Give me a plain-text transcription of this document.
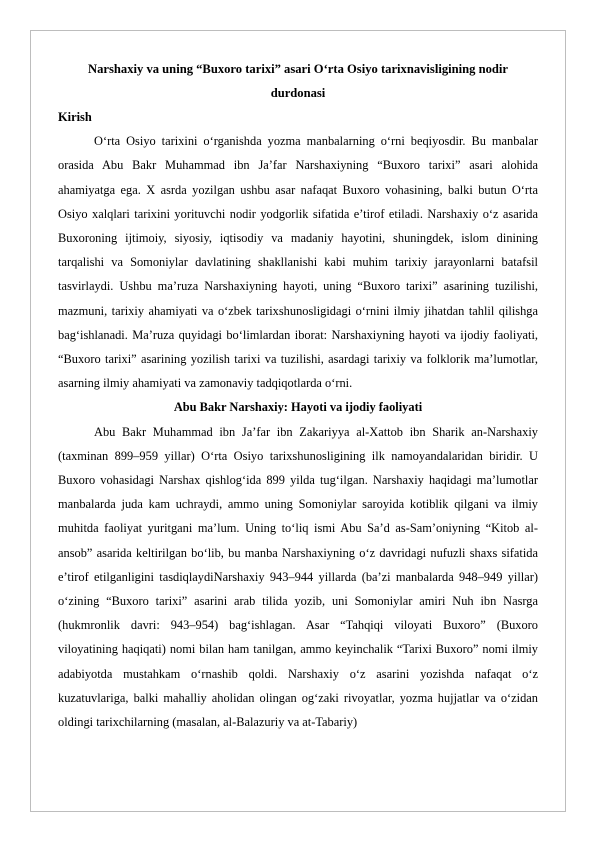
Narshaxiy va uning “Buxoro tarixi” asari O‘rta Osiyo tarixnavisligining nodir durdonasi
Kirish

O‘rta Osiyo tarixini o‘rganishda yozma manbalarning o‘rni beqiyosdir. Bu manbalar orasida Abu Bakr Muhammad ibn Ja’far Narshaxiyning “Buxoro tarixi” asari alohida ahamiyatga ega. X asrda yozilgan ushbu asar nafaqat Buxoro vohasining, balki butun O‘rta Osiyo xalqlari tarixini yorituvchi nodir yodgorlik sifatida e’tirof etiladi. Narshaxiy o‘z asarida Buxoroning ijtimoiy, siyosiy, iqtisodiy va madaniy hayotini, shuningdek, islom dinining tarqalishi va Somoniylar davlatining shakllanishi kabi muhim tarixiy jarayonlarni batafsil tasvirlaydi. Ushbu ma’ruza Narshaxiyning hayoti, uning “Buxoro tarixi” asarining tuzilishi, mazmuni, tarixiy ahamiyati va o‘zbek tarixshunosligidagi o‘rnini ilmiy jihatdan tahlil qilishga bag‘ishlanadi. Ma’ruza quyidagi bo‘limlardan iborat: Narshaxiyning hayoti va ijodiy faoliyati, “Buxoro tarixi” asarining yozilish tarixi va tuzilishi, asardagi tarixiy va folklorik ma’lumotlar, asarning ilmiy ahamiyati va zamonaviy tadqiqotlarda o‘rni.

Abu Bakr Narshaxiy: Hayoti va ijodiy faoliyati

Abu Bakr Muhammad ibn Ja’far ibn Zakariyya al-Xattob ibn Sharik an-Narshaxiy (taxminan 899–959 yillar) O‘rta Osiyo tarixshunosligining ilk namoyandalaridan biridir. U Buxoro vohasidagi Narshax qishlog‘ida 899 yilda tug‘ilgan. Narshaxiy haqidagi ma’lumotlar manbalarda juda kam uchraydi, ammo uning Somoniylar saroyida kotiblik qilgani va ilmiy muhitda faoliyat yuritgani ma’lum. Uning to‘liq ismi Abu Sa’d as-Sam’oniyning “Kitob al-ansob” asarida keltirilgan bo‘lib, bu manba Narshaxiyning o‘z davridagi nufuzli shaxs sifatida e’tirof etilganligini tasdiqlaydiNarshaxiy 943–944 yillarda (ba’zi manbalarda 948–949 yillar) o‘zining “Buxoro tarixi” asarini arab tilida yozib, uni Somoniylar amiri Nuh ibn Nasrga (hukmronlik davri: 943–954) bag‘ishlagan. Asar “Tahqiqi viloyati Buxoro” (Buxoro viloyatining haqiqati) nomi bilan ham tanilgan, ammo keyinchalik “Tarixi Buxoro” nomi ilmiy adabiyotda mustahkam o‘rnashib qoldi. Narshaxiy o‘z asarini yozishda nafaqat o‘z kuzatuvlariga, balki mahalliy aholidan olingan og‘zaki rivoyatlar, yozma hujjatlar va o‘zidan oldingi tarixchilarning (masalan, al-Balazuriy va at-Tabariy)
